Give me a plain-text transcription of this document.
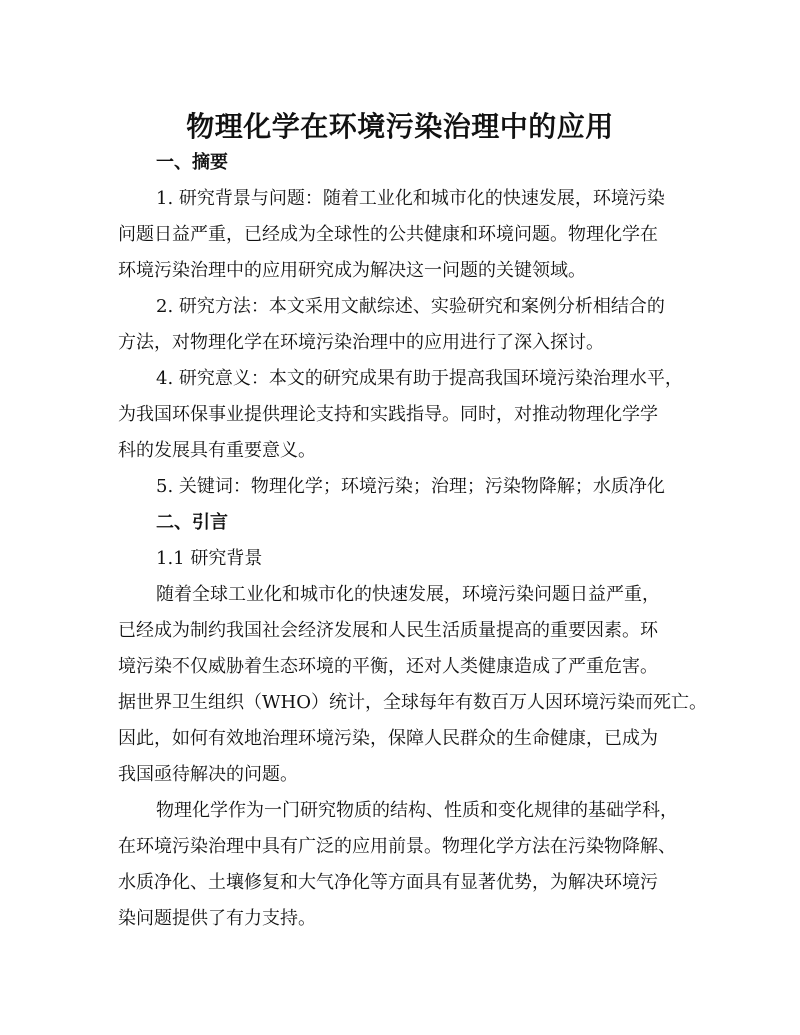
物理化学在环境污染治理中的应用
一、摘要

1. 研究背景与问题：随着工业化和城市化的快速发展，环境污染
问题日益严重，已经成为全球性的公共健康和环境问题。物理化学在
环境污染治理中的应用研究成为解决这一问题的关键领域。

2. 研究方法：本文采用文献综述、实验研究和案例分析相结合的
方法，对物理化学在环境污染治理中的应用进行了深入探讨。

4. 研究意义：本文的研究成果有助于提高我国环境污染治理水平，
为我国环保事业提供理论支持和实践指导。同时，对推动物理化学学
科的发展具有重要意义。

5. 关键词：物理化学；环境污染；治理；污染物降解；水质净化

二、引言

1.1 研究背景

随着全球工业化和城市化的快速发展，环境污染问题日益严重，
已经成为制约我国社会经济发展和人民生活质量提高的重要因素。环
境污染不仅威胁着生态环境的平衡，还对人类健康造成了严重危害。
据世界卫生组织（WHO）统计，全球每年有数百万人因环境污染而死亡。
因此，如何有效地治理环境污染，保障人民群众的生命健康，已成为
我国亟待解决的问题。

物理化学作为一门研究物质的结构、性质和变化规律的基础学科，
在环境污染治理中具有广泛的应用前景。物理化学方法在污染物降解、
水质净化、土壤修复和大气净化等方面具有显著优势，为解决环境污
染问题提供了有力支持。
